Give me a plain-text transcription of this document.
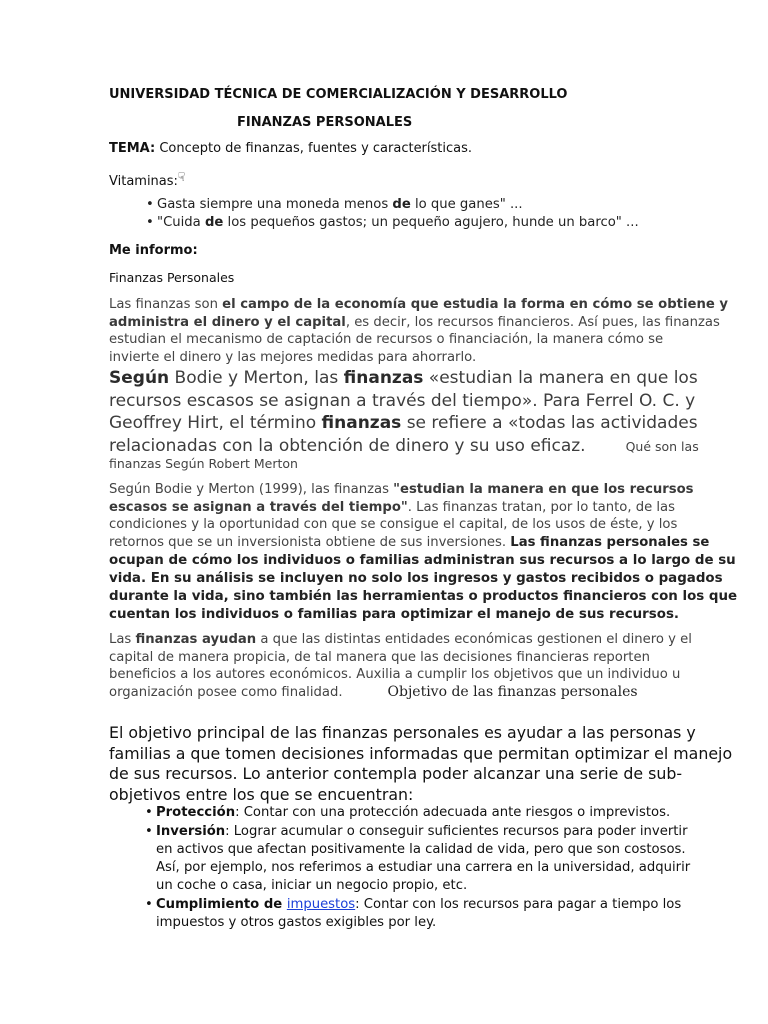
UNIVERSIDAD TÉCNICA DE COMERCIALIZACIÓN Y DESARROLLO
FINANZAS PERSONALES
TEMA: Concepto de finanzas, fuentes y características.
Vitaminas:☟
Gasta siempre una moneda menos de lo que ganes" ...
"Cuida de los pequeños gastos; un pequeño agujero, hunde un barco" ...
Me informo:
Finanzas Personales
Las finanzas son el campo de la economía que estudia la forma en cómo se obtiene y
administra el dinero y el capital, es decir, los recursos financieros. Así pues, las finanzas
estudian el mecanismo de captación de recursos o financiación, la manera cómo se
invierte el dinero y las mejores medidas para ahorrarlo.
Según Bodie y Merton, las finanzas «estudian la manera en que los
recursos escasos se asignan a través del tiempo». Para Ferrel O. C. y
Geoffrey Hirt, el término finanzas se refiere a «todas las actividades
relacionadas con la obtención de dinero y su uso eficaz.	Qué son las
finanzas Según Robert Merton
Según Bodie y Merton (1999), las finanzas "estudian la manera en que los recursos
escasos se asignan a través del tiempo". Las finanzas tratan, por lo tanto, de las
condiciones y la oportunidad con que se consigue el capital, de los usos de éste, y los
retornos que se un inversionista obtiene de sus inversiones. Las finanzas personales se
ocupan de cómo los individuos o familias administran sus recursos a lo largo de su
vida. En su análisis se incluyen no solo los ingresos y gastos recibidos o pagados
durante la vida, sino también las herramientas o productos financieros con los que
cuentan los individuos o familias para optimizar el manejo de sus recursos.
Las finanzas ayudan a que las distintas entidades económicas gestionen el dinero y el
capital de manera propicia, de tal manera que las decisiones financieras reporten
beneficios a los autores económicos. Auxilia a cumplir los objetivos que un individuo u
organización posee como finalidad.	Objetivo de las finanzas personales
El objetivo principal de las finanzas personales es ayudar a las personas y
familias a que tomen decisiones informadas que permitan optimizar el manejo
de sus recursos. Lo anterior contempla poder alcanzar una serie de sub-
objetivos entre los que se encuentran:
Protección: Contar con una protección adecuada ante riesgos o imprevistos.
Inversión: Lograr acumular o conseguir suficientes recursos para poder invertir
en activos que afectan positivamente la calidad de vida, pero que son costosos.
Así, por ejemplo, nos referimos a estudiar una carrera en la universidad, adquirir
un coche o casa, iniciar un negocio propio, etc.
Cumplimiento de impuestos: Contar con los recursos para pagar a tiempo los
impuestos y otros gastos exigibles por ley.
